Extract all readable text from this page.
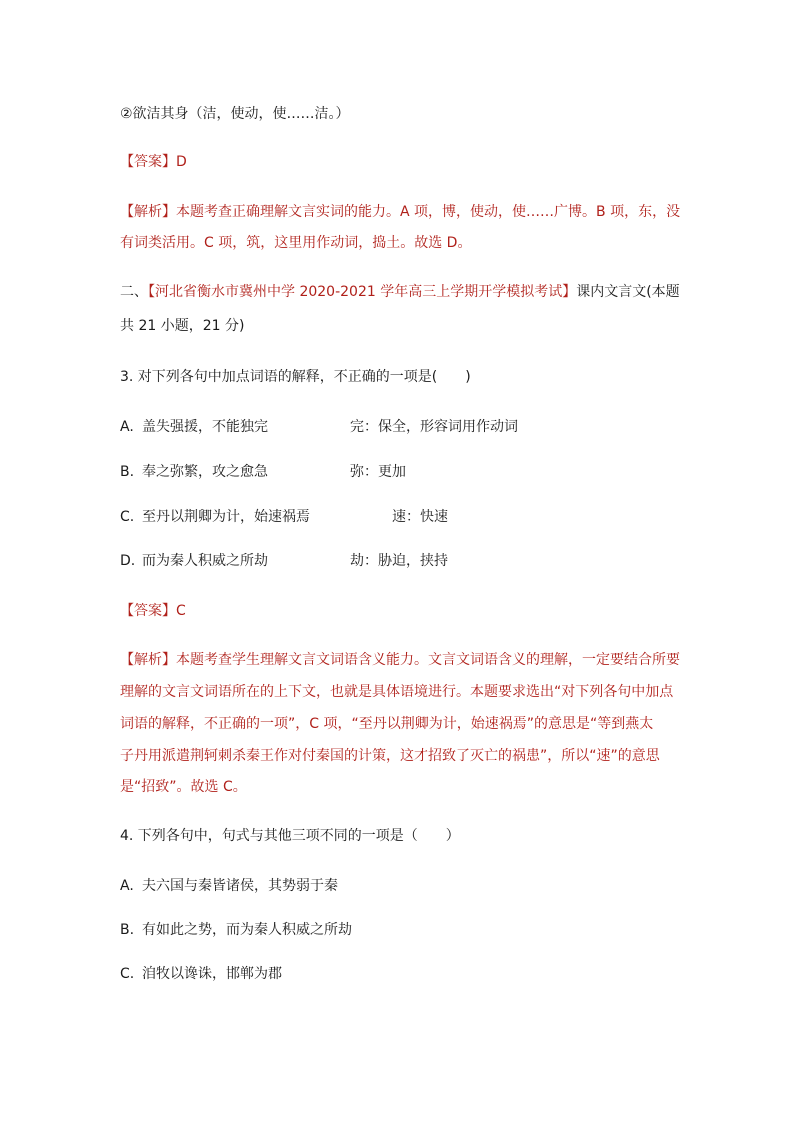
②欲洁其身（洁，使动，使……洁。）
【答案】D
【解析】本题考查正确理解文言实词的能力。A 项，博，使动，使……广博。B 项，东，没
有词类活用。C 项，筑，这里用作动词，捣土。故选 D。
二、【河北省衡水市冀州中学 2020-2021 学年高三上学期开学模拟考试】课内文言文(本题
共 21 小题，21 分)
3. 对下列各句中加点词语的解释，不正确的一项是(　　)
A. 盖失强援，不能独完	完：保全，形容词用作动词
B. 奉之弥繁，攻之愈急	弥：更加
C. 至丹以荆卿为计，始速祸焉	速：快速
D. 而为秦人积威之所劫	劫：胁迫，挟持
【答案】C
【解析】本题考查学生理解文言文词语含义能力。文言文词语含义的理解，一定要结合所要
理解的文言文词语所在的上下文，也就是具体语境进行。本题要求选出“对下列各句中加点
词语的解释，不正确的一项”，C 项，“至丹以荆卿为计，始速祸焉”的意思是“等到燕太
子丹用派遣荆轲刺杀秦王作对付秦国的计策，这才招致了灭亡的祸患”，所以“速”的意思
是“招致”。故选 C。
4. 下列各句中，句式与其他三项不同的一项是（　　）
A. 夫六国与秦皆诸侯，其势弱于秦
B. 有如此之势，而为秦人积威之所劫
C. 洎牧以谗诛，邯郸为郡
